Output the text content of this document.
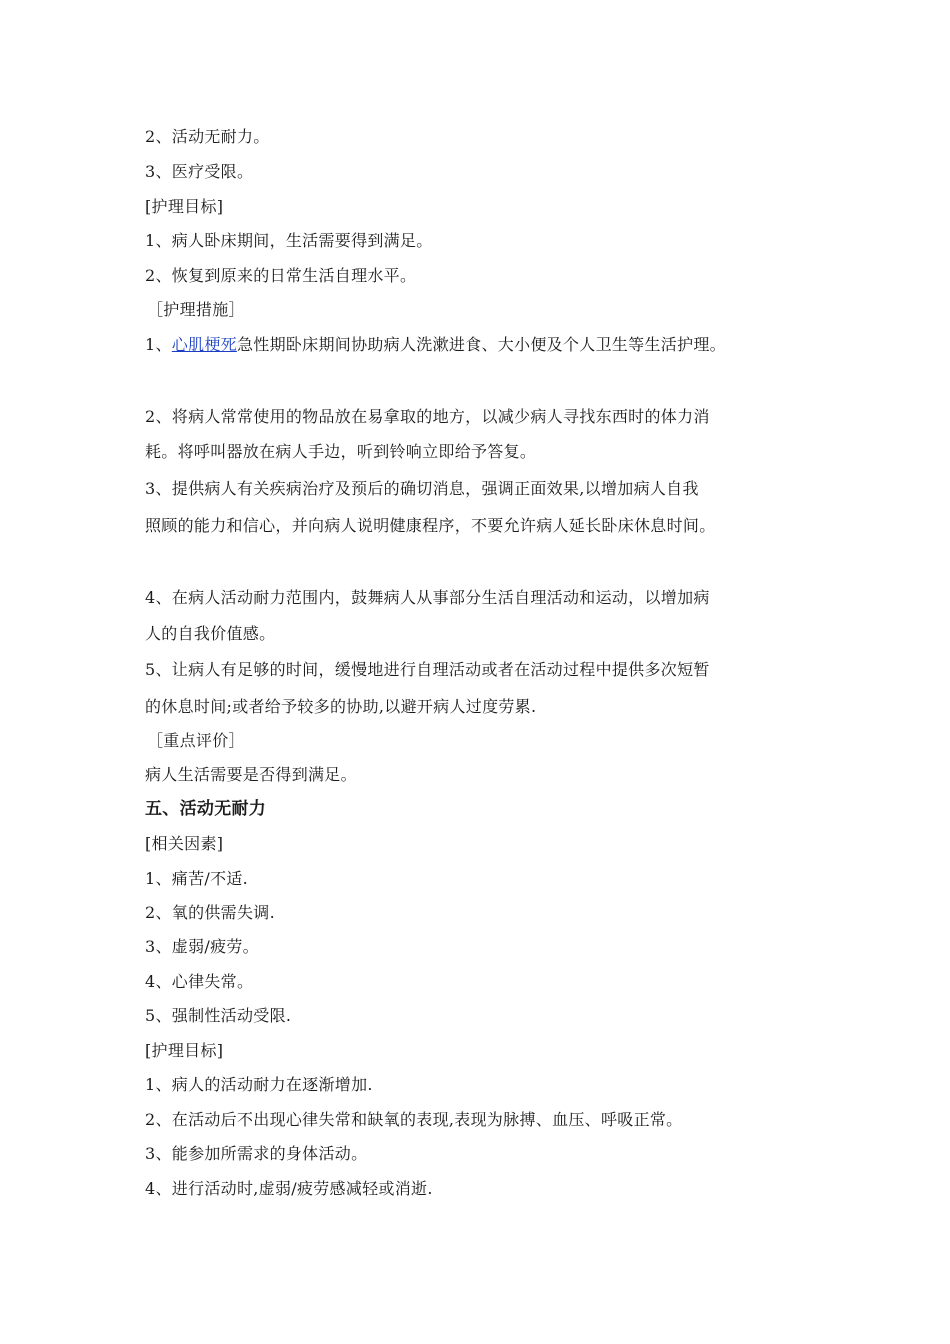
2、活动无耐力。
3、医疗受限。
[护理目标]
1、病人卧床期间，生活需要得到满足。
2、恢复到原来的日常生活自理水平。
［护理措施］
1、心肌梗死急性期卧床期间协助病人洗漱进食、大小便及个人卫生等生活护理。
2、将病人常常使用的物品放在易拿取的地方，以减少病人寻找东西时的体力消
耗。将呼叫器放在病人手边，听到铃响立即给予答复。
3、提供病人有关疾病治疗及预后的确切消息，强调正面效果,以增加病人自我
照顾的能力和信心，并向病人说明健康程序，不要允许病人延长卧床休息时间。
4、在病人活动耐力范围内，鼓舞病人从事部分生活自理活动和运动，以增加病
人的自我价值感。
5、让病人有足够的时间，缓慢地进行自理活动或者在活动过程中提供多次短暂
的休息时间;或者给予较多的协助,以避开病人过度劳累.
［重点评价］
病人生活需要是否得到满足。
五、活动无耐力
[相关因素]
1、痛苦/不适.
2、氧的供需失调.
3、虚弱/疲劳。
4、心律失常。
5、强制性活动受限.
[护理目标]
1、病人的活动耐力在逐渐增加.
2、在活动后不出现心律失常和缺氧的表现,表现为脉搏、血压、呼吸正常。
3、能参加所需求的身体活动。
4、进行活动时,虚弱/疲劳感减轻或消逝.
